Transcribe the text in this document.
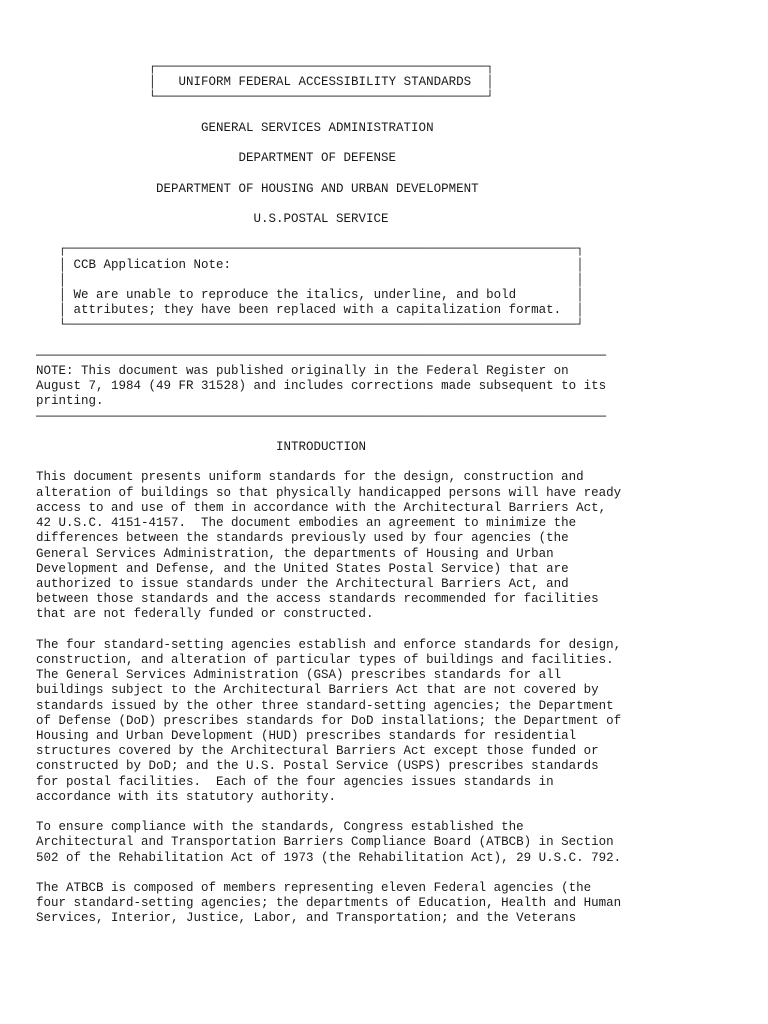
┌────────────────────────────────────────────┐
│   UNIFORM FEDERAL ACCESSIBILITY STANDARDS  │
└────────────────────────────────────────────┘

GENERAL SERVICES ADMINISTRATION

DEPARTMENT OF DEFENSE

DEPARTMENT OF HOUSING AND URBAN DEVELOPMENT

U.S.POSTAL SERVICE

┌────────────────────────────────────────────────────────────────────┐
│ CCB Application Note:	│
│                                                                    │
│ We are unable to reproduce the italics, underline, and bold	│
│ attributes; they have been replaced with a capitalization format.  │
└────────────────────────────────────────────────────────────────────┘

────────────────────────────────────────────────────────────────────────────
NOTE: This document was published originally in the Federal Register on
August 7, 1984 (49 FR 31528) and includes corrections made subsequent to its
printing.
────────────────────────────────────────────────────────────────────────────

INTRODUCTION

This document presents uniform standards for the design, construction and
alteration of buildings so that physically handicapped persons will have ready
access to and use of them in accordance with the Architectural Barriers Act,
42 U.S.C. 4151-4157.  The document embodies an agreement to minimize the
differences between the standards previously used by four agencies (the
General Services Administration, the departments of Housing and Urban
Development and Defense, and the United States Postal Service) that are
authorized to issue standards under the Architectural Barriers Act, and
between those standards and the access standards recommended for facilities
that are not federally funded or constructed.

The four standard-setting agencies establish and enforce standards for design,
construction, and alteration of particular types of buildings and facilities.
The General Services Administration (GSA) prescribes standards for all
buildings subject to the Architectural Barriers Act that are not covered by
standards issued by the other three standard-setting agencies; the Department
of Defense (DoD) prescribes standards for DoD installations; the Department of
Housing and Urban Development (HUD) prescribes standards for residential
structures covered by the Architectural Barriers Act except those funded or
constructed by DoD; and the U.S. Postal Service (USPS) prescribes standards
for postal facilities.  Each of the four agencies issues standards in
accordance with its statutory authority.

To ensure compliance with the standards, Congress established the
Architectural and Transportation Barriers Compliance Board (ATBCB) in Section
502 of the Rehabilitation Act of 1973 (the Rehabilitation Act), 29 U.S.C. 792.

The ATBCB is composed of members representing eleven Federal agencies (the
four standard-setting agencies; the departments of Education, Health and Human
Services, Interior, Justice, Labor, and Transportation; and the Veterans
